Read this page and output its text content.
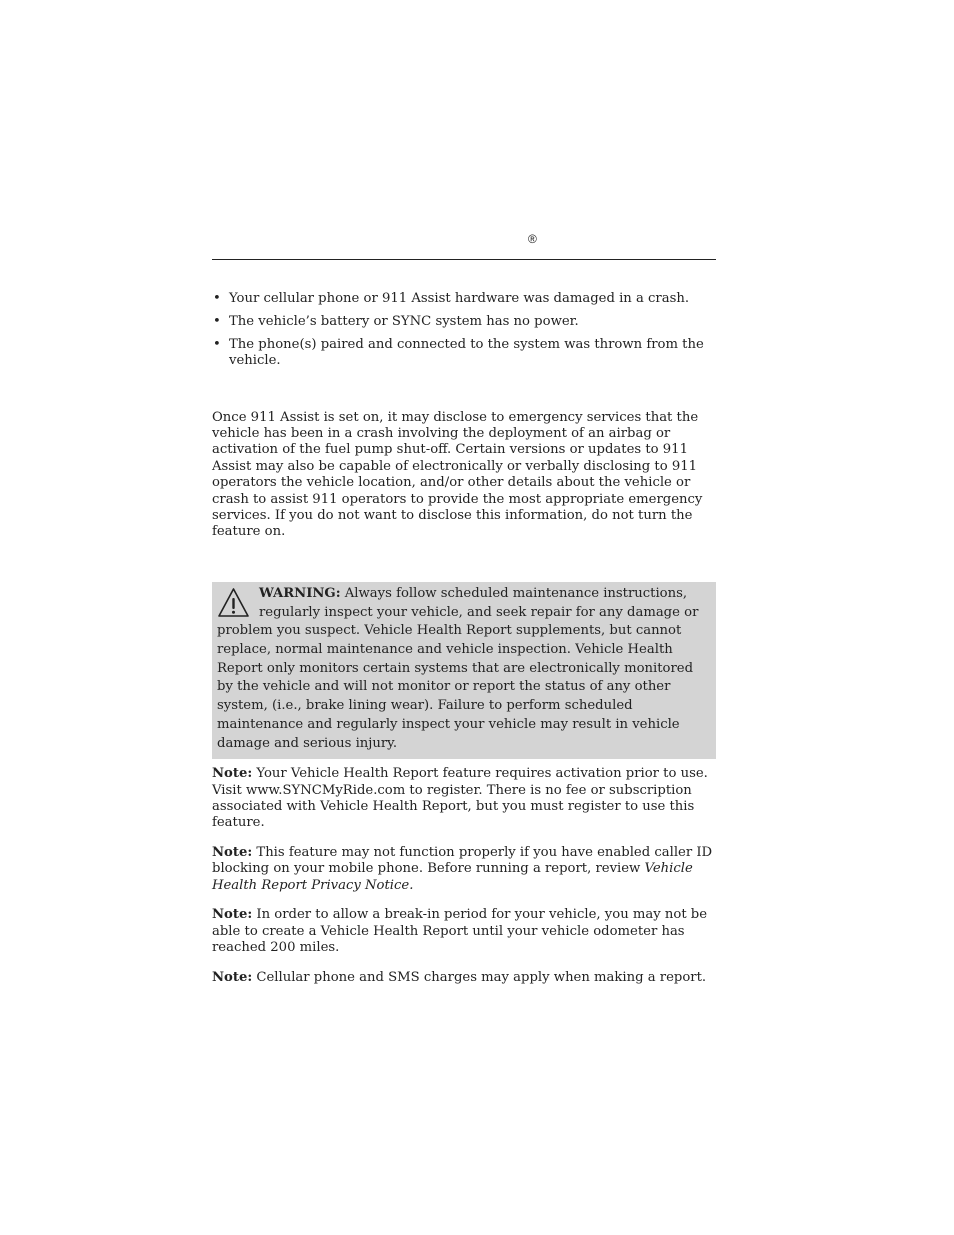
®
• Your cellular phone or 911 Assist hardware was damaged in a crash.
• The vehicle’s battery or SYNC system has no power.
• The phone(s) paired and connected to the system was thrown from the vehicle.

Once 911 Assist is set on, it may disclose to emergency services that the vehicle has been in a crash involving the deployment of an airbag or activation of the fuel pump shut-off. Certain versions or updates to 911 Assist may also be capable of electronically or verbally disclosing to 911 operators the vehicle location, and/or other details about the vehicle or crash to assist 911 operators to provide the most appropriate emergency services. If you do not want to disclose this information, do not turn the feature on.

WARNING: Always follow scheduled maintenance instructions, regularly inspect your vehicle, and seek repair for any damage or problem you suspect. Vehicle Health Report supplements, but cannot replace, normal maintenance and vehicle inspection. Vehicle Health Report only monitors certain systems that are electronically monitored by the vehicle and will not monitor or report the status of any other system, (i.e., brake lining wear). Failure to perform scheduled maintenance and regularly inspect your vehicle may result in vehicle damage and serious injury.

Note: Your Vehicle Health Report feature requires activation prior to use. Visit www.SYNCMyRide.com to register. There is no fee or subscription associated with Vehicle Health Report, but you must register to use this feature.

Note: This feature may not function properly if you have enabled caller ID blocking on your mobile phone. Before running a report, review Vehicle Health Report Privacy Notice.

Note: In order to allow a break-in period for your vehicle, you may not be able to create a Vehicle Health Report until your vehicle odometer has reached 200 miles.

Note: Cellular phone and SMS charges may apply when making a report.
